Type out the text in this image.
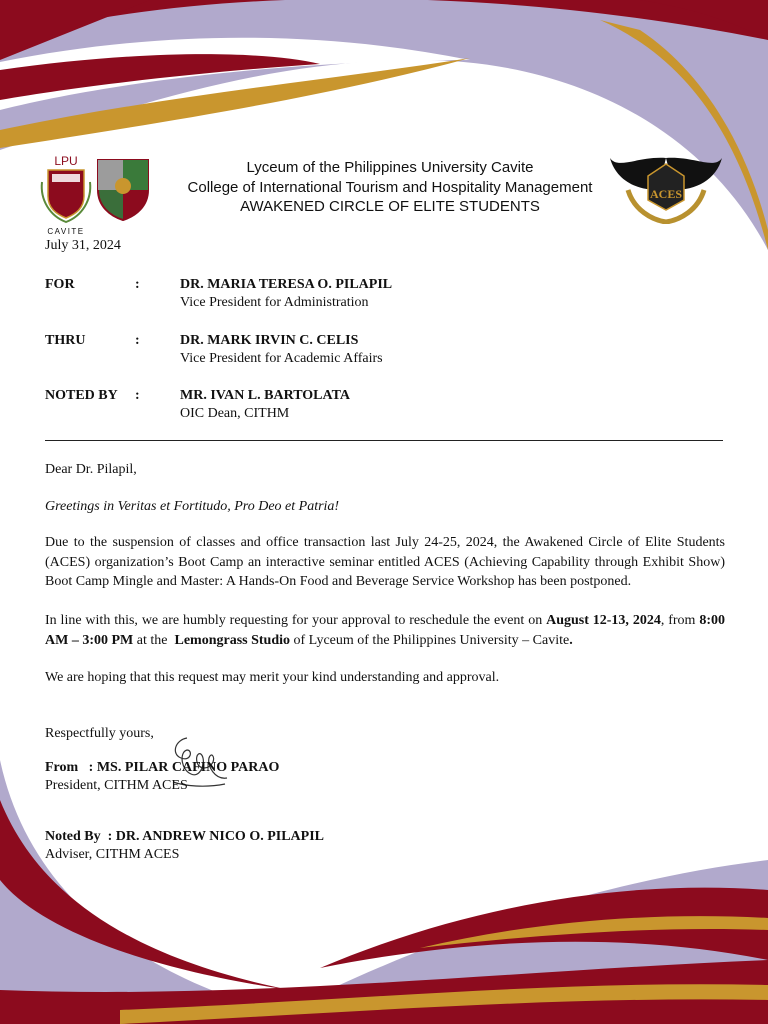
LPU
CAVITE
ACES
Lyceum of the Philippines University Cavite
College of International Tourism and Hospitality Management
AWAKENED CIRCLE OF ELITE STUDENTS
July 31, 2024
FOR	:	DR. MARIA TERESA O. PILAPIL
Vice President for Administration
THRU	:	DR. MARK IRVIN C. CELIS
Vice President for Academic Affairs
NOTED BY :	MR. IVAN L. BARTOLATA
OIC Dean, CITHM
Dear Dr. Pilapil,
Greetings in Veritas et Fortitudo, Pro Deo et Patria!
Due to the suspension of classes and office transaction last July 24-25, 2024, the Awakened Circle of Elite Students (ACES) organization’s Boot Camp an interactive seminar entitled ACES (Achieving Capability through Exhibit Show) Boot Camp Mingle and Master: A Hands-On Food and Beverage Service Workshop has been postponed.
In line with this, we are humbly requesting for your approval to reschedule the event on August 12-13, 2024, from 8:00 AM – 3:00 PM at the  Lemongrass Studio of Lyceum of the Philippines University – Cavite.
We are hoping that this request may merit your kind understanding and approval.
Respectfully yours,
From   : MS. PILAR CAFINO PARAO
President, CITHM ACES
Noted By  : DR. ANDREW NICO O. PILAPIL
Adviser, CITHM ACES
